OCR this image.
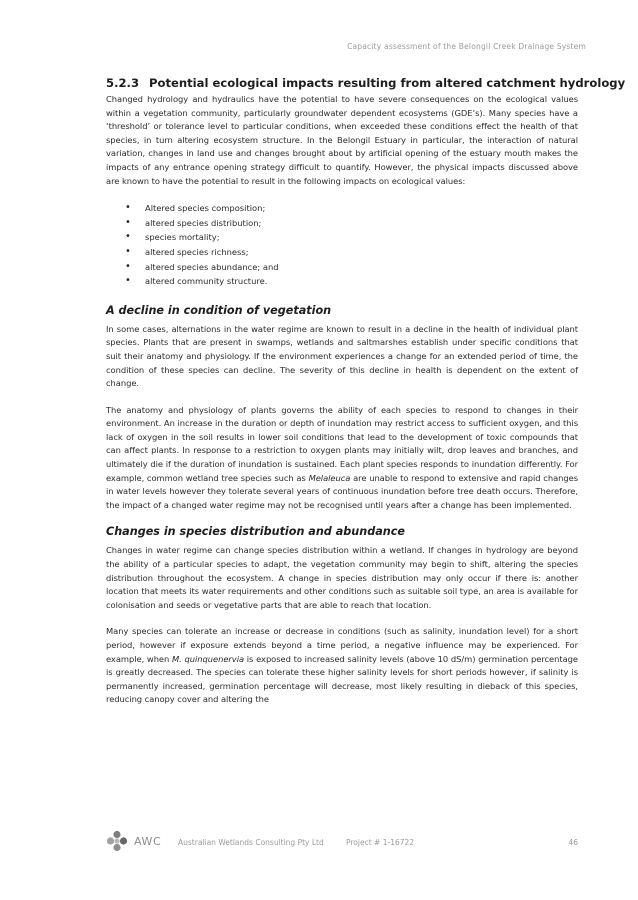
Capacity assessment of the Belongil Creek Drainage System
5.2.3 Potential ecological impacts resulting from altered catchment hydrology

Changed hydrology and hydraulics have the potential to have severe consequences on the ecological values within a vegetation community, particularly groundwater dependent ecosystems (GDE’s). Many species have a ‘threshold’ or tolerance level to particular conditions, when exceeded these conditions effect the health of that species, in turn altering ecosystem structure. In the Belongil Estuary in particular, the interaction of natural variation, changes in land use and changes brought about by artificial opening of the estuary mouth makes the impacts of any entrance opening strategy difficult to quantify. However, the physical impacts discussed above are known to have the potential to result in the following impacts on ecological values:

• Altered species composition;
• altered species distribution;
• species mortality;
• altered species richness;
• altered species abundance; and
• altered community structure.
A decline in condition of vegetation

In some cases, alternations in the water regime are known to result in a decline in the health of individual plant species. Plants that are present in swamps, wetlands and saltmarshes establish under specific conditions that suit their anatomy and physiology. If the environment experiences a change for an extended period of time, the condition of these species can decline. The severity of this decline in health is dependent on the extent of change.

The anatomy and physiology of plants governs the ability of each species to respond to changes in their environment. An increase in the duration or depth of inundation may restrict access to sufficient oxygen, and this lack of oxygen in the soil results in lower soil conditions that lead to the development of toxic compounds that can affect plants. In response to a restriction to oxygen plants may initially wilt, drop leaves and branches, and ultimately die if the duration of inundation is sustained. Each plant species responds to inundation differently. For example, common wetland tree species such as Melaleuca are unable to respond to extensive and rapid changes in water levels however they tolerate several years of continuous inundation before tree death occurs. Therefore, the impact of a changed water regime may not be recognised until years after a change has been implemented.

Changes in species distribution and abundance

Changes in water regime can change species distribution within a wetland. If changes in hydrology are beyond the ability of a particular species to adapt, the vegetation community may begin to shift, altering the species distribution throughout the ecosystem. A change in species distribution may only occur if there is: another location that meets its water requirements and other conditions such as suitable soil type, an area is available for colonisation and seeds or vegetative parts that are able to reach that location.

Many species can tolerate an increase or decrease in conditions (such as salinity, inundation level) for a short period, however if exposure extends beyond a time period, a negative influence may be experienced. For example, when M. quinquenervia is exposed to increased salinity levels (above 10 dS/m) germination percentage is greatly decreased. The species can tolerate these higher salinity levels for short periods however, if salinity is permanently increased, germination percentage will decrease, most likely resulting in dieback of this species, reducing canopy cover and altering the

AWC Australian Wetlands Consulting Pty Ltd	Project # 1-16722	46
